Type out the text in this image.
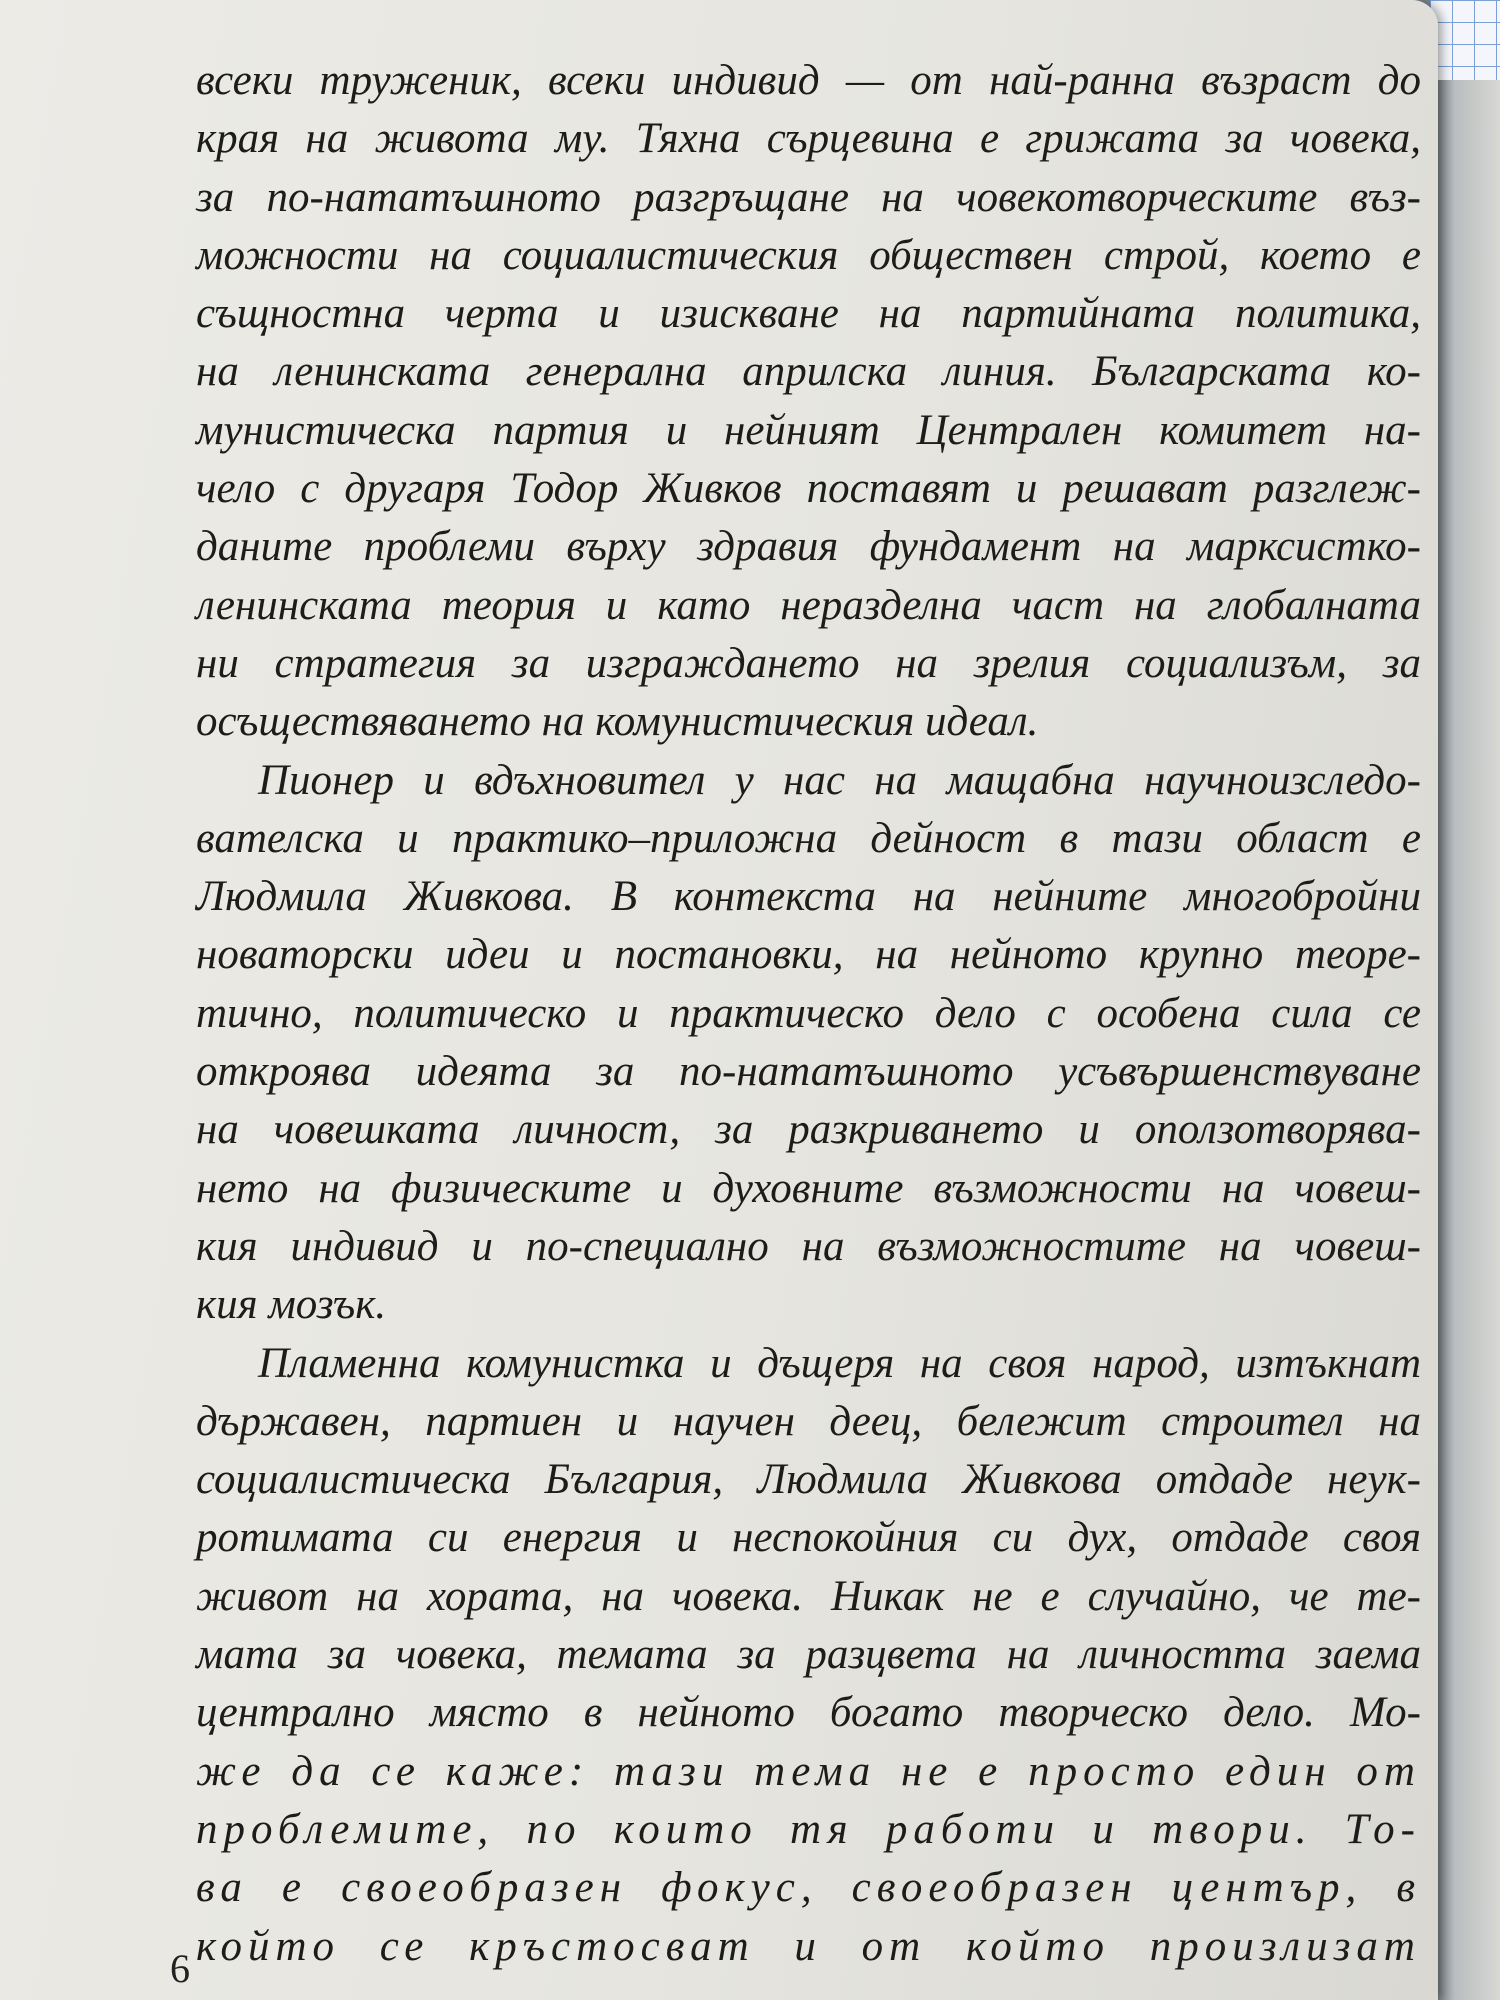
всеки труженик, всеки индивид — от най-ранна възраст до
края на живота му. Тяхна сърцевина е грижата за човека,
за по-нататъшното разгръщане на човекотворческите въз-
можности на социалистическия обществен строй, което е
същностна черта и изискване на партийната политика,
на ленинската генерална априлска линия. Българската ко-
мунистическа партия и нейният Централен комитет на-
чело с другаря Тодор Живков поставят и решават разглеж-
даните проблеми върху здравия фундамент на марксистко-
ленинската теория и като неразделна част на глобалната
ни стратегия за изграждането на зрелия социализъм, за
осъществяването на комунистическия идеал.
Пионер и вдъхновител у нас на мащабна научноизследо-
вателска и практико–приложна дейност в тази област е
Людмила Живкова. В контекста на нейните многобройни
новаторски идеи и постановки, на нейното крупно теоре-
тично, политическо и практическо дело с особена сила се
откроява идеята за по-нататъшното усъвършенствуване
на човешката личност, за разкриването и оползотворява-
нето на физическите и духовните възможности на човеш-
кия индивид и по-специално на възможностите на човеш-
кия мозък.
Пламенна комунистка и дъщеря на своя народ, изтъкнат
държавен, партиен и научен деец, бележит строител на
социалистическа България, Людмила Живкова отдаде неук-
ротимата си енергия и неспокойния си дух, отдаде своя
живот на хората, на човека. Никак не е случайно, че те-
мата за човека, темата за разцвета на личността заема
централно място в нейното богато творческо дело. Мо-
же да се каже: тази тема не е просто един от
проблемите, по които тя работи и твори. То-
ва е своеобразен фокус, своеобразен център, в
който се кръстосват и от който произлизат
6
